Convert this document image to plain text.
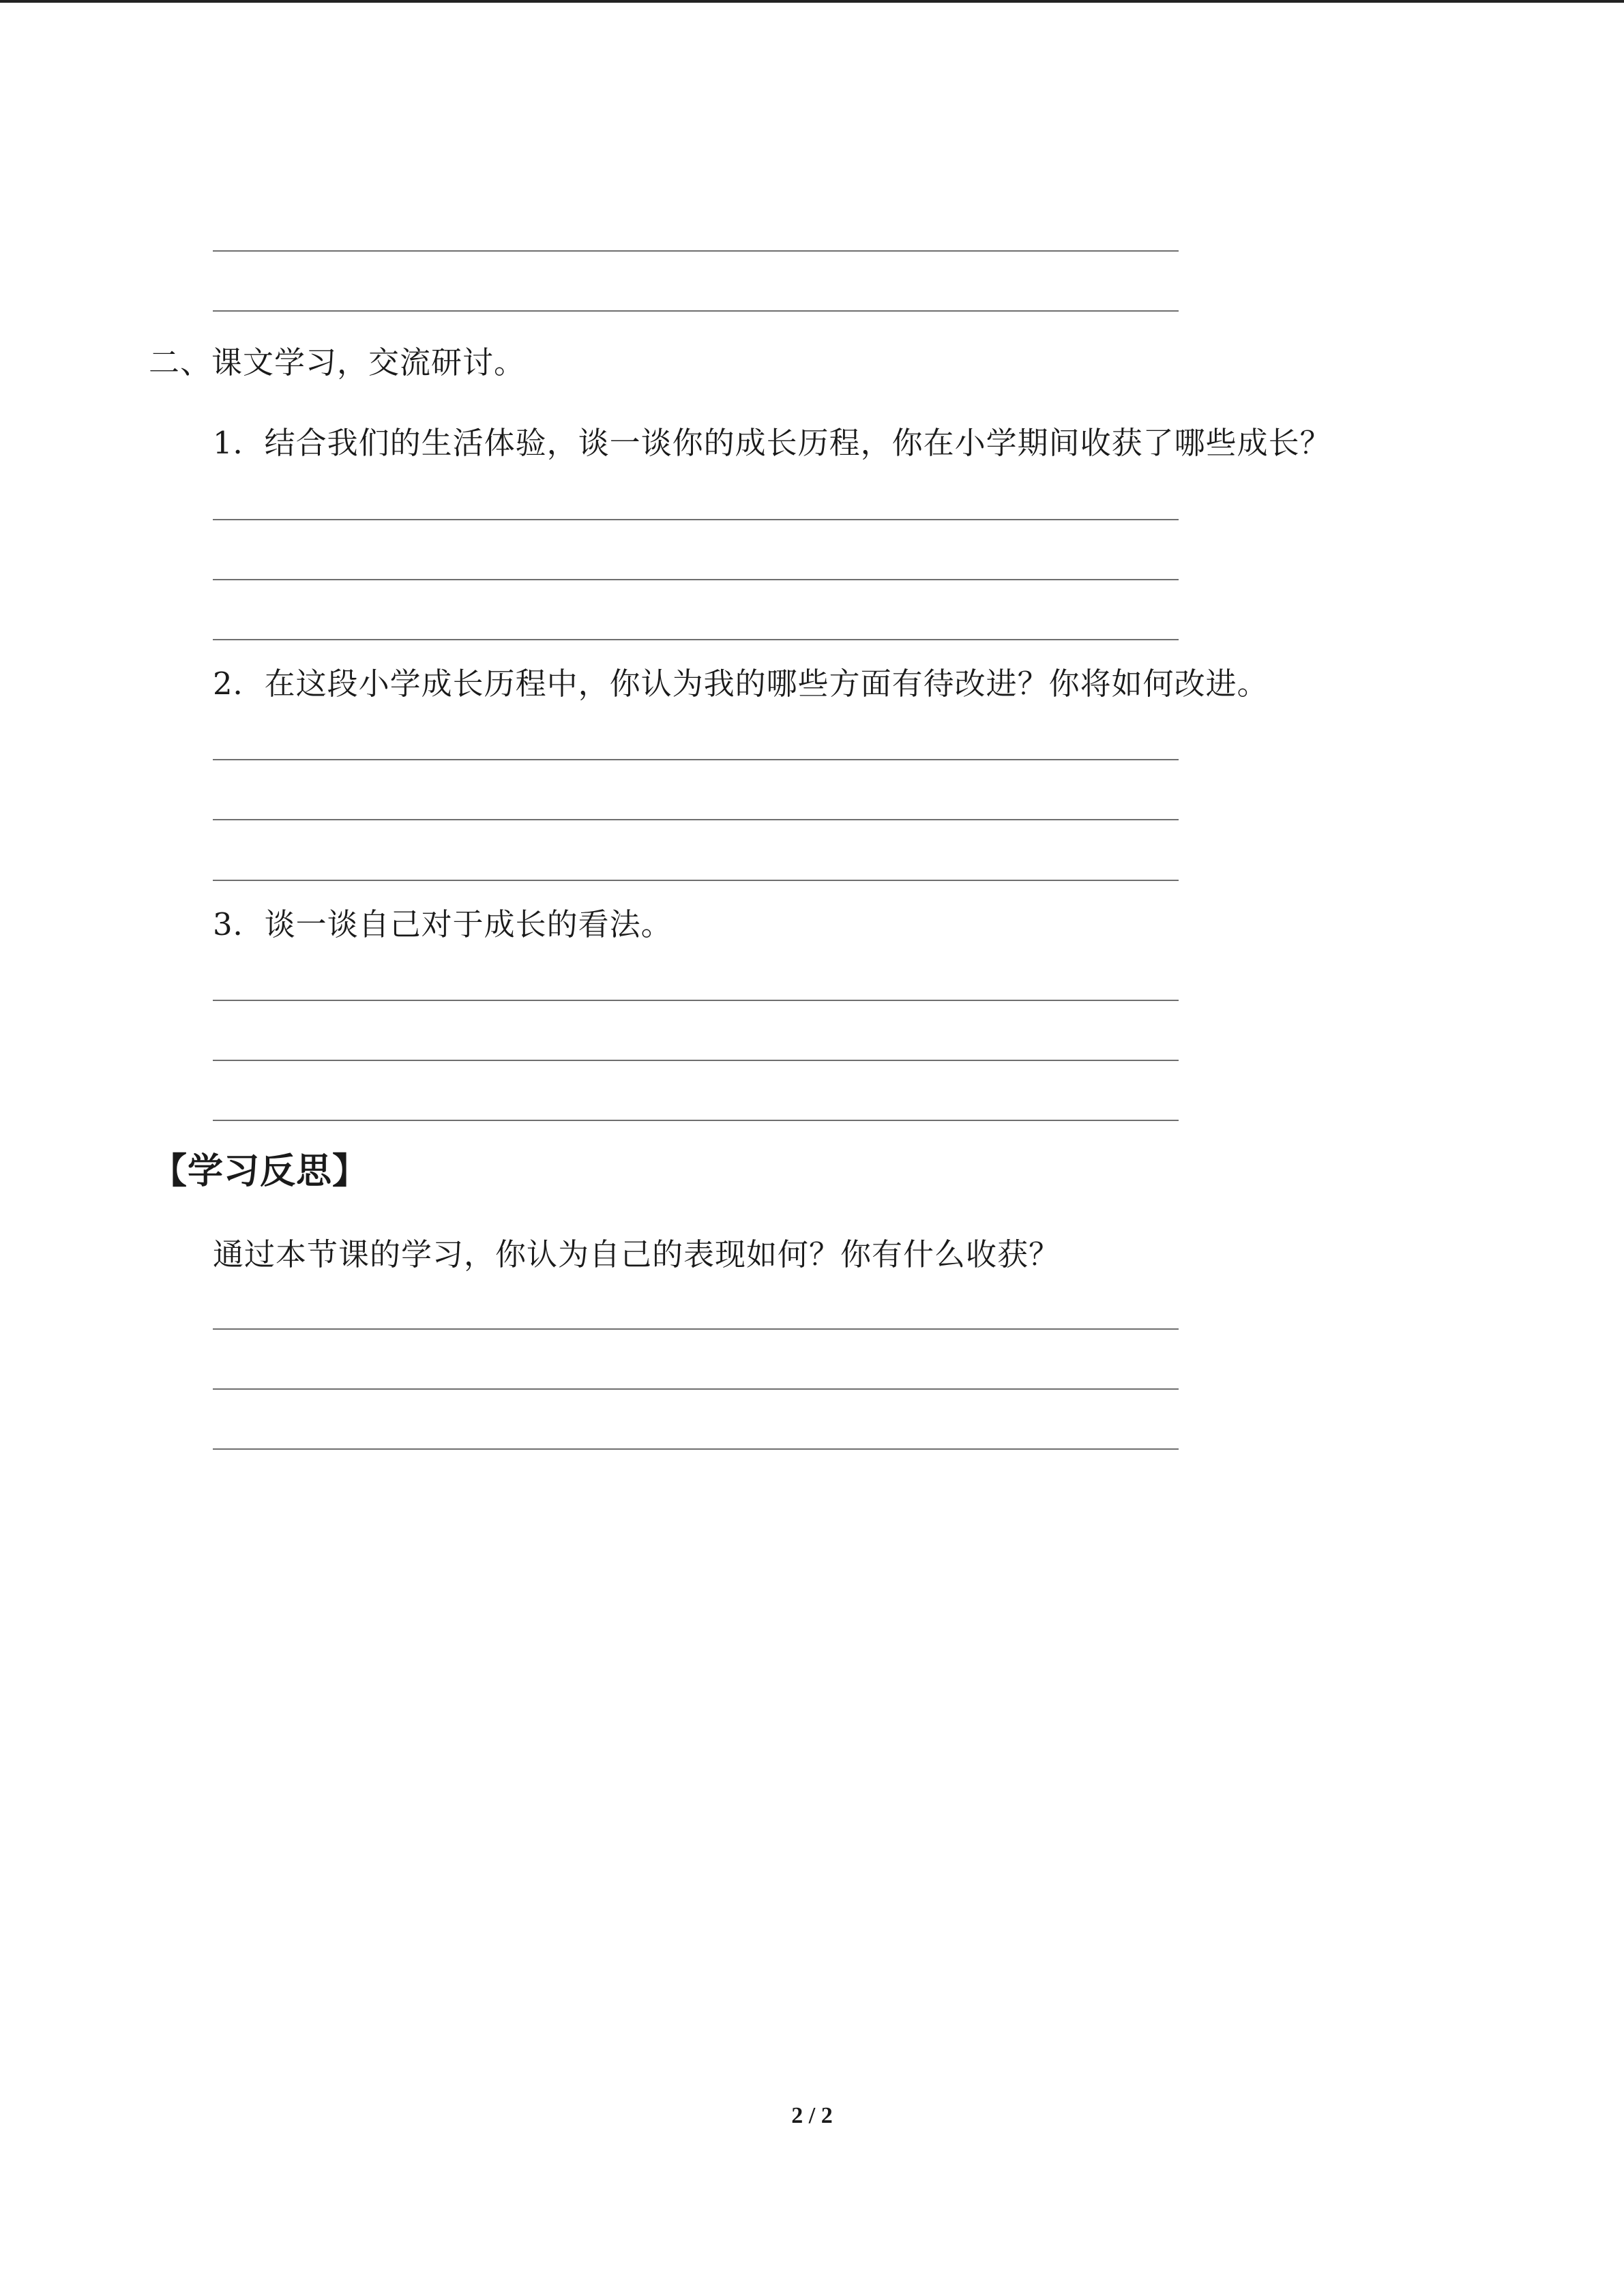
二、课文学习，交流研讨。
1．结合我们的生活体验，谈一谈你的成长历程，你在小学期间收获了哪些成长？
2．在这段小学成长历程中，你认为我的哪些方面有待改进？你将如何改进。
3．谈一谈自己对于成长的看法。
【学习反思】
通过本节课的学习，你认为自己的表现如何？你有什么收获？
2 / 2
